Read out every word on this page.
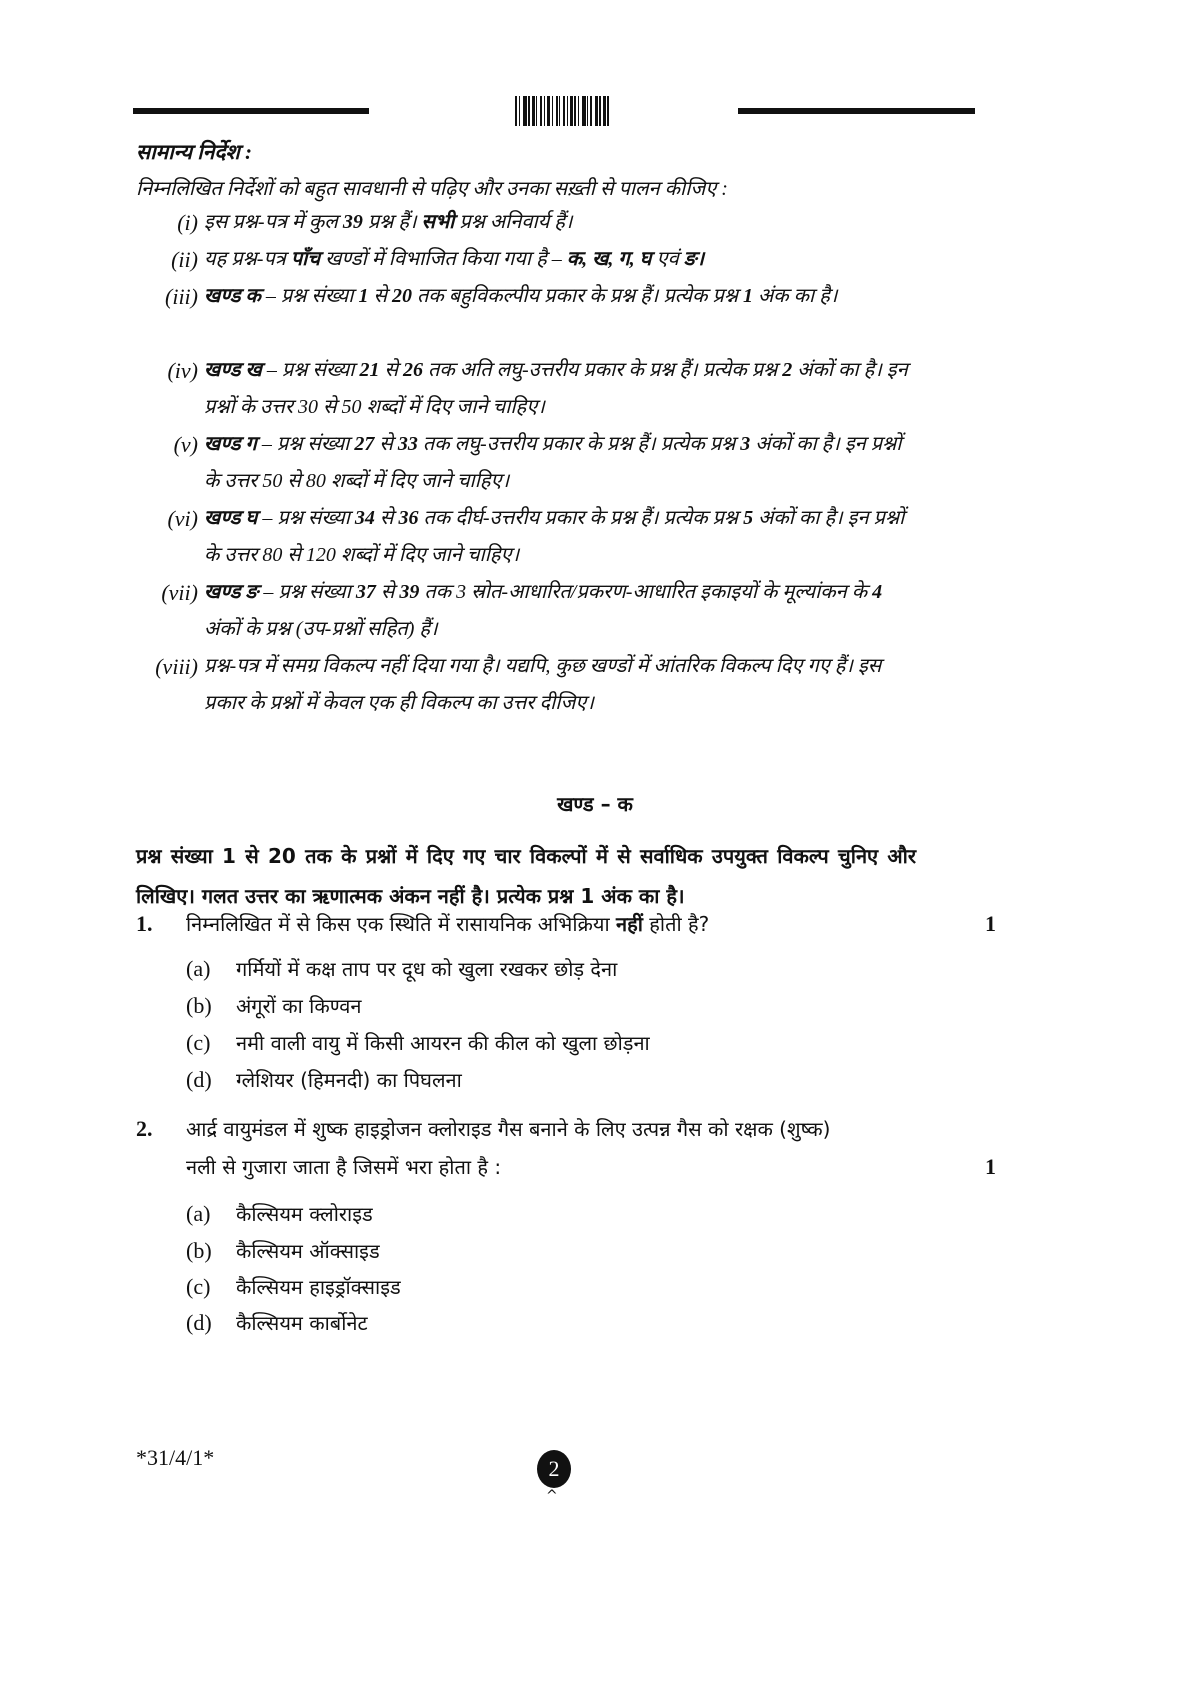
सामान्य निर्देश :
निम्नलिखित निर्देशों को बहुत सावधानी से पढ़िए और उनका सख़्ती से पालन कीजिए :
(i) इस प्रश्न-पत्र में कुल 39 प्रश्न हैं। सभी प्रश्न अनिवार्य हैं।
(ii) यह प्रश्न-पत्र पाँच खण्डों में विभाजित किया गया है – क, ख, ग, घ एवं ङ।
(iii) खण्ड क – प्रश्न संख्या 1 से 20 तक बहुविकल्पीय प्रकार के प्रश्न हैं। प्रत्येक प्रश्न 1 अंक का है।
(iv) खण्ड ख – प्रश्न संख्या 21 से 26 तक अति लघु-उत्तरीय प्रकार के प्रश्न हैं। प्रत्येक प्रश्न 2 अंकों का है। इन प्रश्नों के उत्तर 30 से 50 शब्दों में दिए जाने चाहिए।
(v) खण्ड ग – प्रश्न संख्या 27 से 33 तक लघु-उत्तरीय प्रकार के प्रश्न हैं। प्रत्येक प्रश्न 3 अंकों का है। इन प्रश्नों के उत्तर 50 से 80 शब्दों में दिए जाने चाहिए।
(vi) खण्ड घ – प्रश्न संख्या 34 से 36 तक दीर्घ-उत्तरीय प्रकार के प्रश्न हैं। प्रत्येक प्रश्न 5 अंकों का है। इन प्रश्नों के उत्तर 80 से 120 शब्दों में दिए जाने चाहिए।
(vii) खण्ड ङ – प्रश्न संख्या 37 से 39 तक 3 स्रोत-आधारित/प्रकरण-आधारित इकाइयों के मूल्यांकन के 4 अंकों के प्रश्न (उप-प्रश्नों सहित) हैं।
(viii) प्रश्न-पत्र में समग्र विकल्प नहीं दिया गया है। यद्यपि, कुछ खण्डों में आंतरिक विकल्प दिए गए हैं। इस प्रकार के प्रश्नों में केवल एक ही विकल्प का उत्तर दीजिए।
खण्ड – क
प्रश्न संख्या 1 से 20 तक के प्रश्नों में दिए गए चार विकल्पों में से सर्वाधिक उपयुक्त विकल्प चुनिए और लिखिए। गलत उत्तर का ऋणात्मक अंकन नहीं है। प्रत्येक प्रश्न 1 अंक का है।
1. निम्नलिखित में से किस एक स्थिति में रासायनिक अभिक्रिया नहीं होती है?	1
(a) गर्मियों में कक्ष ताप पर दूध को खुला रखकर छोड़ देना
(b) अंगूरों का किण्वन
(c) नमी वाली वायु में किसी आयरन की कील को खुला छोड़ना
(d) ग्लेशियर (हिमनदी) का पिघलना
2. आर्द्र वायुमंडल में शुष्क हाइड्रोजन क्लोराइड गैस बनाने के लिए उत्पन्न गैस को रक्षक (शुष्क)
नली से गुजारा जाता है जिसमें भरा होता है :	1
(a) कैल्सियम क्लोराइड
(b) कैल्सियम ऑक्साइड
(c) कैल्सियम हाइड्रॉक्साइड
(d) कैल्सियम कार्बोनेट
*31/4/1*	2
^
